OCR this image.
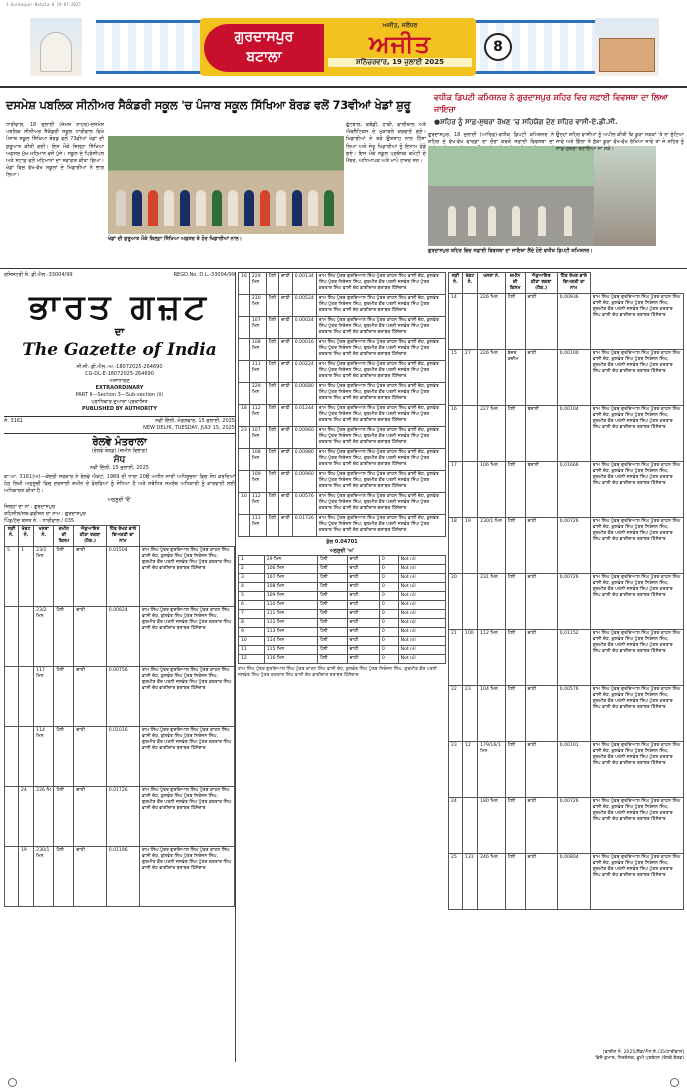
1-Gurdaspur-Batala-8 19-07-2025
ਗੁਰਦਾਸਪੁਰ
ਬਟਾਲਾ
ਅਜੀਤ, ਜਲੰਧਰ
ਅਜੀਤ
ਸ਼ਨਿੱਚਰਵਾਰ, 19 ਜੁਲਾਈ 2025
8
ਦਸਮੇਸ਼ ਪਬਲਿਕ ਸੀਨੀਅਰ ਸੈਕੰਡਰੀ ਸਕੂਲ 'ਚ ਪੰਜਾਬ ਸਕੂਲ ਸਿੱਖਿਆ ਬੋਰਡ ਵਲੋਂ 73ਵੀਆਂ ਖੇਡਾਂ ਸ਼ੁਰੂ
ਵਧੀਕ ਡਿਪਟੀ ਕਮਿਸ਼ਨਰ ਨੇ ਗੁਰਦਾਸਪੁਰ ਸ਼ਹਿਰ ਵਿਚ ਸਫ਼ਾਈ ਵਿਵਸਥਾ ਦਾ ਲਿਆ ਜਾਇਜ਼ਾ
●ਸ਼ਹਿਰ ਨੂੰ ਸਾਫ਼-ਸੁਥਰਾ ਰੱਖਣ 'ਚ ਸਹਿਯੋਗ ਦੇਣ ਸ਼ਹਿਰ ਵਾਸੀ-ਏ.ਡੀ.ਸੀ.
ਧਾਰੀਵਾਲ, 18 ਜੁਲਾਈ (ਜੇਮਸ ਨਾਹਰ)-ਦਸਮੇਸ਼ ਪਬਲਿਕ ਸੀਨੀਅਰ ਸੈਕੰਡਰੀ ਸਕੂਲ ਧਾਰੀਵਾਲ ਵਿਖੇ ਪੰਜਾਬ ਸਕੂਲ ਸਿੱਖਿਆ ਬੋਰਡ ਵਲੋਂ 73ਵੀਆਂ ਖੇਡਾਂ ਦੀ ਸ਼ੁਰੂਆਤ ਕੀਤੀ ਗਈ। ਇਸ ਮੌਕੇ ਜ਼ਿਲ੍ਹਾ ਸਿੱਖਿਆ ਅਫ਼ਸਰ ਮੁੱਖ ਮਹਿਮਾਨ ਵਜੋਂ ਪੁੱਜੇ। ਸਕੂਲ ਦੇ ਪ੍ਰਿੰਸੀਪਲ ਅਤੇ ਸਟਾਫ਼ ਵਲੋਂ ਮਹਿਮਾਨਾਂ ਦਾ ਸਵਾਗਤ ਕੀਤਾ ਗਿਆ। ਖੇਡਾਂ ਵਿਚ ਵੱਖ-ਵੱਖ ਸਕੂਲਾਂ ਦੇ ਖਿਡਾਰੀਆਂ ਨੇ ਭਾਗ ਲਿਆ।
ਫੁੱਟਬਾਲ, ਕਬੱਡੀ, ਹਾਕੀ, ਵਾਲੀਬਾਲ ਅਤੇ ਐਥਲੈਟਿਕਸ ਦੇ ਮੁਕਾਬਲੇ ਕਰਵਾਏ ਗਏ। ਖਿਡਾਰੀਆਂ ਨੇ ਬੜੇ ਉਤਸ਼ਾਹ ਨਾਲ ਹਿੱਸਾ ਲਿਆ ਅਤੇ ਜੇਤੂ ਖਿਡਾਰੀਆਂ ਨੂੰ ਇਨਾਮ ਵੰਡੇ ਗਏ। ਇਸ ਮੌਕੇ ਸਕੂਲ ਪ੍ਰਬੰਧਕ ਕਮੇਟੀ ਦੇ ਮੈਂਬਰ, ਅਧਿਆਪਕ ਅਤੇ ਮਾਪੇ ਹਾਜ਼ਰ ਸਨ।
ਖੇਡਾਂ ਦੀ ਸ਼ੁਰੂਆਤ ਮੌਕੇ ਜ਼ਿਲ੍ਹਾ ਸਿੱਖਿਆ ਅਫ਼ਸਰ ਤੇ ਹੋਰ ਖਿਡਾਰੀਆਂ ਨਾਲ।
ਗੁਰਦਾਸਪੁਰ, 18 ਜੁਲਾਈ (ਆਰਿਫ਼)-ਵਧੀਕ ਡਿਪਟੀ ਕਮਿਸ਼ਨਰ ਨੇ ਸ਼ਹਿਰ ਦੇ ਵੱਖ-ਵੱਖ ਵਾਰਡਾਂ ਦਾ ਦੌਰਾ ਕਰਕੇ ਸਫ਼ਾਈ ਵਿਵਸਥਾ ਦਾ
ਉਨ੍ਹਾਂ ਸ਼ਹਿਰ ਵਾਸੀਆਂ ਨੂੰ ਅਪੀਲ ਕੀਤੀ ਕਿ ਕੂੜਾ ਸੜਕਾਂ 'ਤੇ ਨਾ ਸੁੱਟਿਆ ਜਾਵੇ ਅਤੇ ਗਿੱਲਾ ਤੇ ਸੁੱਕਾ ਕੂੜਾ ਵੱਖ-ਵੱਖ ਰੱਖਿਆ ਜਾਵੇ ਤਾਂ ਜੋ ਸ਼ਹਿਰ ਨੂੰ ਸਾਫ਼-ਸੁਥਰਾ ਬਣਾਇਆ ਜਾ ਸਕੇ।
ਗੁਰਦਾਸਪੁਰ ਸ਼ਹਿਰ ਵਿਚ ਸਫ਼ਾਈ ਵਿਵਸਥਾ ਦਾ ਜਾਇਜ਼ਾ ਲੈਂਦੇ ਹੋਏ ਵਧੀਕ ਡਿਪਟੀ ਕਮਿਸ਼ਨਰ।
ਰਜਿਸਟਰੀ ਸੰ. ਡੀ.ਐਲ.-33004/99	REGD.No. D.L.-33004/99
ਭਾਰਤ ਗਜ਼ਟ
ਦਾ
The Gazette of India
ਸੀ.ਜੀ.-ਡੀ.ਐਲ.-ਅ.-18072025-264690
CG-DL-E-18072025-264690
ਅਸਾਧਾਰਣ
EXTRAORDINARY
PART II—Section 3—Sub-section (ii)
ਪ੍ਰਾਧਿਕਾਰ ਦੁਆਰਾ ਪ੍ਰਕਾਸ਼ਿਤ
PUBLISHED BY AUTHORITY
ਸੰ. 3161	ਨਵੀਂ ਦਿੱਲੀ, ਮੰਗਲਵਾਰ, 15 ਜੁਲਾਈ, 2025
NEW DELHI, TUESDAY, JULY 15, 2025
ਰੇਲਵੇ ਮੰਤਰਾਲਾ
(ਰੇਲਵੇ ਬੋਰਡ) (ਜ਼ਮੀਨ ਵਿਭਾਗ)
ਸੋਧ
ਨਵੀਂ ਦਿੱਲੀ, 15 ਜੁਲਾਈ, 2025
ਕਾ.ਆ. 3161(ਅ)—ਕੇਂਦਰੀ ਸਰਕਾਰ ਨੇ ਰੇਲਵੇ ਐਕਟ, 1989 ਦੀ ਧਾਰਾ 20ੳ ਅਧੀਨ ਜਾਰੀ ਅਧਿਸੂਚਨਾ ਵਿਚ ਸੋਧ ਕਰਦਿਆਂ ਹੇਠ ਲਿਖੀ ਅਨੁਸੂਚੀ ਵਿਚ ਦਰਸਾਈ ਜ਼ਮੀਨ ਦੇ ਵੇਰਵਿਆਂ ਨੂੰ ਸੋਧਿਆ ਹੈ ਅਤੇ ਸਬੰਧਿਤ ਸਮਰੱਥ ਅਧਿਕਾਰੀ ਨੂੰ ਕਾਰਵਾਈ ਲਈ ਅਧਿਕਾਰਤ ਕੀਤਾ ਹੈ।
ਅਨੁਸੂਚੀ 'ੳ'
ਜ਼ਿਲ੍ਹਾ ਦਾ ਨਾਂ : ਗੁਰਦਾਸਪੁਰ
ਤਹਿਸੀਲ/ਸਬ-ਡਵੀਜ਼ਨ ਦਾ ਨਾਮ : ਗੁਰਦਾਸਪੁਰ
ਪਿੰਡ/ਹੱਦ ਬਸਤ ਨੰ. : ਧਾਰੀਵਾਲ / 035
ਲੜੀ ਨੰ.	ਖੇਵਟ ਨੰ.	ਖਸਰਾ ਨੰ.	ਜ਼ਮੀਨ ਦੀ ਕਿਸਮ	ਐਕੁਆਇਰ ਕੀਤਾ ਰਕਬਾ (ਹੈਕ.)	ਹਿੱਤ ਰੱਖਣ ਵਾਲੇ ਵਿਅਕਤੀ ਦਾ ਨਾਮ	
5	1	23/1 ਮਿਨ	ਪੈਲੀ	ਚਾਹੀ	0.01504	ਰਾਮ ਸਿੰਘ ਪੁੱਤਰ ਗੁਰਦਿਆਲ ਸਿੰਘ ਪੁੱਤਰ ਕਾਹਨ ਸਿੰਘ ਵਾਸੀ ਦੇਹ, ਕੁਲਵੰਤ ਸਿੰਘ ਪੁੱਤਰ ਨਿਰੰਜਨ ਸਿੰਘ, ਗੁਰਮੀਤ ਕੌਰ ਪਤਨੀ ਜਸਵੰਤ ਸਿੰਘ ਪੁੱਤਰ ਕਰਤਾਰ ਸਿੰਘ ਵਾਸੀ ਦੇਹ ਭਾਗੀਦਾਰ ਬਰਾਬਰ ਹਿੱਸੇਦਾਰ
		23/2 ਮਿਨ	ਪੈਲੀ	ਚਾਹੀ	0.00924	ਰਾਮ ਸਿੰਘ ਪੁੱਤਰ ਗੁਰਦਿਆਲ ਸਿੰਘ ਪੁੱਤਰ ਕਾਹਨ ਸਿੰਘ ਵਾਸੀ ਦੇਹ, ਕੁਲਵੰਤ ਸਿੰਘ ਪੁੱਤਰ ਨਿਰੰਜਨ ਸਿੰਘ, ਗੁਰਮੀਤ ਕੌਰ ਪਤਨੀ ਜਸਵੰਤ ਸਿੰਘ ਪੁੱਤਰ ਕਰਤਾਰ ਸਿੰਘ ਵਾਸੀ ਦੇਹ ਭਾਗੀਦਾਰ ਬਰਾਬਰ ਹਿੱਸੇਦਾਰ
		117 ਮਿਨ	ਪੈਲੀ	ਚਾਹੀ	0.00756	ਰਾਮ ਸਿੰਘ ਪੁੱਤਰ ਗੁਰਦਿਆਲ ਸਿੰਘ ਪੁੱਤਰ ਕਾਹਨ ਸਿੰਘ ਵਾਸੀ ਦੇਹ, ਕੁਲਵੰਤ ਸਿੰਘ ਪੁੱਤਰ ਨਿਰੰਜਨ ਸਿੰਘ, ਗੁਰਮੀਤ ਕੌਰ ਪਤਨੀ ਜਸਵੰਤ ਸਿੰਘ ਪੁੱਤਰ ਕਰਤਾਰ ਸਿੰਘ ਵਾਸੀ ਦੇਹ ਭਾਗੀਦਾਰ ਬਰਾਬਰ ਹਿੱਸੇਦਾਰ
		114 ਮਿਨ	ਪੈਲੀ	ਚਾਹੀ	0.01016	ਰਾਮ ਸਿੰਘ ਪੁੱਤਰ ਗੁਰਦਿਆਲ ਸਿੰਘ ਪੁੱਤਰ ਕਾਹਨ ਸਿੰਘ ਵਾਸੀ ਦੇਹ, ਕੁਲਵੰਤ ਸਿੰਘ ਪੁੱਤਰ ਨਿਰੰਜਨ ਸਿੰਘ, ਗੁਰਮੀਤ ਕੌਰ ਪਤਨੀ ਜਸਵੰਤ ਸਿੰਘ ਪੁੱਤਰ ਕਰਤਾਰ ਸਿੰਘ ਵਾਸੀ ਦੇਹ ਭਾਗੀਦਾਰ ਬਰਾਬਰ ਹਿੱਸੇਦਾਰ
	24	226 ਮਿ	ਪੈਲੀ	ਚਾਹੀ	0.01726	ਰਾਮ ਸਿੰਘ ਪੁੱਤਰ ਗੁਰਦਿਆਲ ਸਿੰਘ ਪੁੱਤਰ ਕਾਹਨ ਸਿੰਘ ਵਾਸੀ ਦੇਹ, ਕੁਲਵੰਤ ਸਿੰਘ ਪੁੱਤਰ ਨਿਰੰਜਨ ਸਿੰਘ, ਗੁਰਮੀਤ ਕੌਰ ਪਤਨੀ ਜਸਵੰਤ ਸਿੰਘ ਪੁੱਤਰ ਕਰਤਾਰ ਸਿੰਘ ਵਾਸੀ ਦੇਹ ਭਾਗੀਦਾਰ ਬਰਾਬਰ ਹਿੱਸੇਦਾਰ
	19	230/1 ਮਿਨ	ਪੈਲੀ	ਚਾਹੀ	0.01196	ਰਾਮ ਸਿੰਘ ਪੁੱਤਰ ਗੁਰਦਿਆਲ ਸਿੰਘ ਪੁੱਤਰ ਕਾਹਨ ਸਿੰਘ ਵਾਸੀ ਦੇਹ, ਕੁਲਵੰਤ ਸਿੰਘ ਪੁੱਤਰ ਨਿਰੰਜਨ ਸਿੰਘ, ਗੁਰਮੀਤ ਕੌਰ ਪਤਨੀ ਜਸਵੰਤ ਸਿੰਘ ਪੁੱਤਰ ਕਰਤਾਰ ਸਿੰਘ ਵਾਸੀ ਦੇਹ ਭਾਗੀਦਾਰ ਬਰਾਬਰ ਹਿੱਸੇਦਾਰ
16	229 ਮਿਨ	ਪੈਲੀ	ਚਾਹੀ	0.00134	ਰਾਮ ਸਿੰਘ ਪੁੱਤਰ ਗੁਰਦਿਆਲ ਸਿੰਘ ਪੁੱਤਰ ਕਾਹਨ ਸਿੰਘ ਵਾਸੀ ਦੇਹ, ਕੁਲਵੰਤ ਸਿੰਘ ਪੁੱਤਰ ਨਿਰੰਜਨ ਸਿੰਘ, ਗੁਰਮੀਤ ਕੌਰ ਪਤਨੀ ਜਸਵੰਤ ਸਿੰਘ ਪੁੱਤਰ ਕਰਤਾਰ ਸਿੰਘ ਵਾਸੀ ਦੇਹ ਭਾਗੀਦਾਰ ਬਰਾਬਰ ਹਿੱਸੇਦਾਰ
	230 ਮਿਨ	ਪੈਲੀ	ਚਾਹੀ	0.00524	ਰਾਮ ਸਿੰਘ ਪੁੱਤਰ ਗੁਰਦਿਆਲ ਸਿੰਘ ਪੁੱਤਰ ਕਾਹਨ ਸਿੰਘ ਵਾਸੀ ਦੇਹ, ਕੁਲਵੰਤ ਸਿੰਘ ਪੁੱਤਰ ਨਿਰੰਜਨ ਸਿੰਘ, ਗੁਰਮੀਤ ਕੌਰ ਪਤਨੀ ਜਸਵੰਤ ਸਿੰਘ ਪੁੱਤਰ ਕਰਤਾਰ ਸਿੰਘ ਵਾਸੀ ਦੇਹ ਭਾਗੀਦਾਰ ਬਰਾਬਰ ਹਿੱਸੇਦਾਰ
	107 ਮਿਨ	ਪੈਲੀ	ਚਾਹੀ	0.00024	ਰਾਮ ਸਿੰਘ ਪੁੱਤਰ ਗੁਰਦਿਆਲ ਸਿੰਘ ਪੁੱਤਰ ਕਾਹਨ ਸਿੰਘ ਵਾਸੀ ਦੇਹ, ਕੁਲਵੰਤ ਸਿੰਘ ਪੁੱਤਰ ਨਿਰੰਜਨ ਸਿੰਘ, ਗੁਰਮੀਤ ਕੌਰ ਪਤਨੀ ਜਸਵੰਤ ਸਿੰਘ ਪੁੱਤਰ ਕਰਤਾਰ ਸਿੰਘ ਵਾਸੀ ਦੇਹ ਭਾਗੀਦਾਰ ਬਰਾਬਰ ਹਿੱਸੇਦਾਰ
	108 ਮਿਨ	ਪੈਲੀ	ਚਾਹੀ	0.00016	ਰਾਮ ਸਿੰਘ ਪੁੱਤਰ ਗੁਰਦਿਆਲ ਸਿੰਘ ਪੁੱਤਰ ਕਾਹਨ ਸਿੰਘ ਵਾਸੀ ਦੇਹ, ਕੁਲਵੰਤ ਸਿੰਘ ਪੁੱਤਰ ਨਿਰੰਜਨ ਸਿੰਘ, ਗੁਰਮੀਤ ਕੌਰ ਪਤਨੀ ਜਸਵੰਤ ਸਿੰਘ ਪੁੱਤਰ ਕਰਤਾਰ ਸਿੰਘ ਵਾਸੀ ਦੇਹ ਭਾਗੀਦਾਰ ਬਰਾਬਰ ਹਿੱਸੇਦਾਰ
	111 ਮਿਨ	ਪੈਲੀ	ਚਾਹੀ	0.00224	ਰਾਮ ਸਿੰਘ ਪੁੱਤਰ ਗੁਰਦਿਆਲ ਸਿੰਘ ਪੁੱਤਰ ਕਾਹਨ ਸਿੰਘ ਵਾਸੀ ਦੇਹ, ਕੁਲਵੰਤ ਸਿੰਘ ਪੁੱਤਰ ਨਿਰੰਜਨ ਸਿੰਘ, ਗੁਰਮੀਤ ਕੌਰ ਪਤਨੀ ਜਸਵੰਤ ਸਿੰਘ ਪੁੱਤਰ ਕਰਤਾਰ ਸਿੰਘ ਵਾਸੀ ਦੇਹ ਭਾਗੀਦਾਰ ਬਰਾਬਰ ਹਿੱਸੇਦਾਰ
	229 ਮਿਨ	ਪੈਲੀ	ਚਾਹੀ	0.00680	ਰਾਮ ਸਿੰਘ ਪੁੱਤਰ ਗੁਰਦਿਆਲ ਸਿੰਘ ਪੁੱਤਰ ਕਾਹਨ ਸਿੰਘ ਵਾਸੀ ਦੇਹ, ਕੁਲਵੰਤ ਸਿੰਘ ਪੁੱਤਰ ਨਿਰੰਜਨ ਸਿੰਘ, ਗੁਰਮੀਤ ਕੌਰ ਪਤਨੀ ਜਸਵੰਤ ਸਿੰਘ ਪੁੱਤਰ ਕਰਤਾਰ ਸਿੰਘ ਵਾਸੀ ਦੇਹ ਭਾਗੀਦਾਰ ਬਰਾਬਰ ਹਿੱਸੇਦਾਰ
18	112 ਮਿਨ	ਪੈਲੀ	ਚਾਹੀ	0.01244	ਰਾਮ ਸਿੰਘ ਪੁੱਤਰ ਗੁਰਦਿਆਲ ਸਿੰਘ ਪੁੱਤਰ ਕਾਹਨ ਸਿੰਘ ਵਾਸੀ ਦੇਹ, ਕੁਲਵੰਤ ਸਿੰਘ ਪੁੱਤਰ ਨਿਰੰਜਨ ਸਿੰਘ, ਗੁਰਮੀਤ ਕੌਰ ਪਤਨੀ ਜਸਵੰਤ ਸਿੰਘ ਪੁੱਤਰ ਕਰਤਾਰ ਸਿੰਘ ਵਾਸੀ ਦੇਹ ਭਾਗੀਦਾਰ ਬਰਾਬਰ ਹਿੱਸੇਦਾਰ
23	107 ਮਿਨ	ਪੈਲੀ	ਚਾਹੀ	0.00960	ਰਾਮ ਸਿੰਘ ਪੁੱਤਰ ਗੁਰਦਿਆਲ ਸਿੰਘ ਪੁੱਤਰ ਕਾਹਨ ਸਿੰਘ ਵਾਸੀ ਦੇਹ, ਕੁਲਵੰਤ ਸਿੰਘ ਪੁੱਤਰ ਨਿਰੰਜਨ ਸਿੰਘ, ਗੁਰਮੀਤ ਕੌਰ ਪਤਨੀ ਜਸਵੰਤ ਸਿੰਘ ਪੁੱਤਰ ਕਰਤਾਰ ਸਿੰਘ ਵਾਸੀ ਦੇਹ ਭਾਗੀਦਾਰ ਬਰਾਬਰ ਹਿੱਸੇਦਾਰ
	108 ਮਿਨ	ਪੈਲੀ	ਚਾਹੀ	0.00980	ਰਾਮ ਸਿੰਘ ਪੁੱਤਰ ਗੁਰਦਿਆਲ ਸਿੰਘ ਪੁੱਤਰ ਕਾਹਨ ਸਿੰਘ ਵਾਸੀ ਦੇਹ, ਕੁਲਵੰਤ ਸਿੰਘ ਪੁੱਤਰ ਨਿਰੰਜਨ ਸਿੰਘ, ਗੁਰਮੀਤ ਕੌਰ ਪਤਨੀ ਜਸਵੰਤ ਸਿੰਘ ਪੁੱਤਰ ਕਰਤਾਰ ਸਿੰਘ ਵਾਸੀ ਦੇਹ ਭਾਗੀਦਾਰ ਬਰਾਬਰ ਹਿੱਸੇਦਾਰ
	109 ਮਿਨ	ਪੈਲੀ	ਚਾਹੀ	0.00960	ਰਾਮ ਸਿੰਘ ਪੁੱਤਰ ਗੁਰਦਿਆਲ ਸਿੰਘ ਪੁੱਤਰ ਕਾਹਨ ਸਿੰਘ ਵਾਸੀ ਦੇਹ, ਕੁਲਵੰਤ ਸਿੰਘ ਪੁੱਤਰ ਨਿਰੰਜਨ ਸਿੰਘ, ਗੁਰਮੀਤ ਕੌਰ ਪਤਨੀ ਜਸਵੰਤ ਸਿੰਘ ਪੁੱਤਰ ਕਰਤਾਰ ਸਿੰਘ ਵਾਸੀ ਦੇਹ ਭਾਗੀਦਾਰ ਬਰਾਬਰ ਹਿੱਸੇਦਾਰ
10	112 ਮਿਨ	ਪੈਲੀ	ਚਾਹੀ	0.00576	ਰਾਮ ਸਿੰਘ ਪੁੱਤਰ ਗੁਰਦਿਆਲ ਸਿੰਘ ਪੁੱਤਰ ਕਾਹਨ ਸਿੰਘ ਵਾਸੀ ਦੇਹ, ਕੁਲਵੰਤ ਸਿੰਘ ਪੁੱਤਰ ਨਿਰੰਜਨ ਸਿੰਘ, ਗੁਰਮੀਤ ਕੌਰ ਪਤਨੀ ਜਸਵੰਤ ਸਿੰਘ ਪੁੱਤਰ ਕਰਤਾਰ ਸਿੰਘ ਵਾਸੀ ਦੇਹ ਭਾਗੀਦਾਰ ਬਰਾਬਰ ਹਿੱਸੇਦਾਰ
	111 ਮਿਨ	ਪੈਲੀ	ਚਾਹੀ	0.01726	ਰਾਮ ਸਿੰਘ ਪੁੱਤਰ ਗੁਰਦਿਆਲ ਸਿੰਘ ਪੁੱਤਰ ਕਾਹਨ ਸਿੰਘ ਵਾਸੀ ਦੇਹ, ਕੁਲਵੰਤ ਸਿੰਘ ਪੁੱਤਰ ਨਿਰੰਜਨ ਸਿੰਘ, ਗੁਰਮੀਤ ਕੌਰ ਪਤਨੀ ਜਸਵੰਤ ਸਿੰਘ ਪੁੱਤਰ ਕਰਤਾਰ ਸਿੰਘ ਵਾਸੀ ਦੇਹ ਭਾਗੀਦਾਰ ਬਰਾਬਰ ਹਿੱਸੇਦਾਰ
ਕੁੱਲ 0.04701
ਅਨੁਸੂਚੀ 'ਅ'
1	29 ਮਿਨ	ਪੈਲੀ	ਚਾਹੀ	0	Not nil
2	106 ਮਿਨ	ਪੈਲੀ	ਚਾਹੀ	0	Not nil
3	107 ਮਿਨ	ਪੈਲੀ	ਚਾਹੀ	0	Not nil
4	108 ਮਿਨ	ਪੈਲੀ	ਚਾਹੀ	0	Not nil
5	109 ਮਿਨ	ਪੈਲੀ	ਚਾਹੀ	0	Not nil
6	110 ਮਿਨ	ਪੈਲੀ	ਚਾਹੀ	0	Not nil
7	111 ਮਿਨ	ਪੈਲੀ	ਚਾਹੀ	0	Not nil
8	112 ਮਿਨ	ਪੈਲੀ	ਚਾਹੀ	0	Not nil
9	113 ਮਿਨ	ਪੈਲੀ	ਚਾਹੀ	0	Not nil
10	114 ਮਿਨ	ਪੈਲੀ	ਚਾਹੀ	0	Not nil
11	115 ਮਿਨ	ਪੈਲੀ	ਚਾਹੀ	0	Not nil
12	116 ਮਿਨ	ਪੈਲੀ	ਚਾਹੀ	0	Not nil
ਰਾਮ ਸਿੰਘ ਪੁੱਤਰ ਗੁਰਦਿਆਲ ਸਿੰਘ ਪੁੱਤਰ ਕਾਹਨ ਸਿੰਘ ਵਾਸੀ ਦੇਹ, ਕੁਲਵੰਤ ਸਿੰਘ ਪੁੱਤਰ ਨਿਰੰਜਨ ਸਿੰਘ, ਗੁਰਮੀਤ ਕੌਰ ਪਤਨੀ ਜਸਵੰਤ ਸਿੰਘ ਪੁੱਤਰ ਕਰਤਾਰ ਸਿੰਘ ਵਾਸੀ ਦੇਹ ਭਾਗੀਦਾਰ ਬਰਾਬਰ ਹਿੱਸੇਦਾਰ
ਲੜੀ ਨੰ.	ਖੇਵਟ ਨੰ.	ਖਸਰਾ ਨੰ.	ਜ਼ਮੀਨ ਦੀ ਕਿਸਮ	ਐਕੁਆਇਰ ਕੀਤਾ ਰਕਬਾ (ਹੈਕ.)	ਹਿੱਤ ਰੱਖਣ ਵਾਲੇ ਵਿਅਕਤੀ ਦਾ ਨਾਮ	
14		226 ਮਿਨ	ਪੈਲੀ	ਚਾਹੀ	0.00936	ਰਾਮ ਸਿੰਘ ਪੁੱਤਰ ਗੁਰਦਿਆਲ ਸਿੰਘ ਪੁੱਤਰ ਕਾਹਨ ਸਿੰਘ ਵਾਸੀ ਦੇਹ, ਕੁਲਵੰਤ ਸਿੰਘ ਪੁੱਤਰ ਨਿਰੰਜਨ ਸਿੰਘ, ਗੁਰਮੀਤ ਕੌਰ ਪਤਨੀ ਜਸਵੰਤ ਸਿੰਘ ਪੁੱਤਰ ਕਰਤਾਰ ਸਿੰਘ ਵਾਸੀ ਦੇਹ ਭਾਗੀਦਾਰ ਬਰਾਬਰ ਹਿੱਸੇਦਾਰ
15	27	226 ਮਿਨ	ਬੰਜਰ ਕਦੀਮ	ਚਾਹੀ	0.00100	ਰਾਮ ਸਿੰਘ ਪੁੱਤਰ ਗੁਰਦਿਆਲ ਸਿੰਘ ਪੁੱਤਰ ਕਾਹਨ ਸਿੰਘ ਵਾਸੀ ਦੇਹ, ਕੁਲਵੰਤ ਸਿੰਘ ਪੁੱਤਰ ਨਿਰੰਜਨ ਸਿੰਘ, ਗੁਰਮੀਤ ਕੌਰ ਪਤਨੀ ਜਸਵੰਤ ਸਿੰਘ ਪੁੱਤਰ ਕਰਤਾਰ ਸਿੰਘ ਵਾਸੀ ਦੇਹ ਭਾਗੀਦਾਰ ਬਰਾਬਰ ਹਿੱਸੇਦਾਰ
16		227 ਮਿਨ	ਪੈਲੀ	ਬਰਾਨੀ	0.00104	ਰਾਮ ਸਿੰਘ ਪੁੱਤਰ ਗੁਰਦਿਆਲ ਸਿੰਘ ਪੁੱਤਰ ਕਾਹਨ ਸਿੰਘ ਵਾਸੀ ਦੇਹ, ਕੁਲਵੰਤ ਸਿੰਘ ਪੁੱਤਰ ਨਿਰੰਜਨ ਸਿੰਘ, ਗੁਰਮੀਤ ਕੌਰ ਪਤਨੀ ਜਸਵੰਤ ਸਿੰਘ ਪੁੱਤਰ ਕਰਤਾਰ ਸਿੰਘ ਵਾਸੀ ਦੇਹ ਭਾਗੀਦਾਰ ਬਰਾਬਰ ਹਿੱਸੇਦਾਰ
17		106 ਮਿਨ	ਪੈਲੀ	ਬਰਾਨੀ	0.01666	ਰਾਮ ਸਿੰਘ ਪੁੱਤਰ ਗੁਰਦਿਆਲ ਸਿੰਘ ਪੁੱਤਰ ਕਾਹਨ ਸਿੰਘ ਵਾਸੀ ਦੇਹ, ਕੁਲਵੰਤ ਸਿੰਘ ਪੁੱਤਰ ਨਿਰੰਜਨ ਸਿੰਘ, ਗੁਰਮੀਤ ਕੌਰ ਪਤਨੀ ਜਸਵੰਤ ਸਿੰਘ ਪੁੱਤਰ ਕਰਤਾਰ ਸਿੰਘ ਵਾਸੀ ਦੇਹ ਭਾਗੀਦਾਰ ਬਰਾਬਰ ਹਿੱਸੇਦਾਰ
18	19	230/1 ਮਿਨ	ਪੈਲੀ	ਚਾਹੀ	0.00726	ਰਾਮ ਸਿੰਘ ਪੁੱਤਰ ਗੁਰਦਿਆਲ ਸਿੰਘ ਪੁੱਤਰ ਕਾਹਨ ਸਿੰਘ ਵਾਸੀ ਦੇਹ, ਕੁਲਵੰਤ ਸਿੰਘ ਪੁੱਤਰ ਨਿਰੰਜਨ ਸਿੰਘ, ਗੁਰਮੀਤ ਕੌਰ ਪਤਨੀ ਜਸਵੰਤ ਸਿੰਘ ਪੁੱਤਰ ਕਰਤਾਰ ਸਿੰਘ ਵਾਸੀ ਦੇਹ ਭਾਗੀਦਾਰ ਬਰਾਬਰ ਹਿੱਸੇਦਾਰ
20		231 ਮਿਨ	ਪੈਲੀ	ਚਾਹੀ	0.00726	ਰਾਮ ਸਿੰਘ ਪੁੱਤਰ ਗੁਰਦਿਆਲ ਸਿੰਘ ਪੁੱਤਰ ਕਾਹਨ ਸਿੰਘ ਵਾਸੀ ਦੇਹ, ਕੁਲਵੰਤ ਸਿੰਘ ਪੁੱਤਰ ਨਿਰੰਜਨ ਸਿੰਘ, ਗੁਰਮੀਤ ਕੌਰ ਪਤਨੀ ਜਸਵੰਤ ਸਿੰਘ ਪੁੱਤਰ ਕਰਤਾਰ ਸਿੰਘ ਵਾਸੀ ਦੇਹ ਭਾਗੀਦਾਰ ਬਰਾਬਰ ਹਿੱਸੇਦਾਰ
21	100	112 ਮਿਨ	ਪੈਲੀ	ਚਾਹੀ	0.01152	ਰਾਮ ਸਿੰਘ ਪੁੱਤਰ ਗੁਰਦਿਆਲ ਸਿੰਘ ਪੁੱਤਰ ਕਾਹਨ ਸਿੰਘ ਵਾਸੀ ਦੇਹ, ਕੁਲਵੰਤ ਸਿੰਘ ਪੁੱਤਰ ਨਿਰੰਜਨ ਸਿੰਘ, ਗੁਰਮੀਤ ਕੌਰ ਪਤਨੀ ਜਸਵੰਤ ਸਿੰਘ ਪੁੱਤਰ ਕਰਤਾਰ ਸਿੰਘ ਵਾਸੀ ਦੇਹ ਭਾਗੀਦਾਰ ਬਰਾਬਰ ਹਿੱਸੇਦਾਰ
22	23	104 ਮਿਨ	ਪੈਲੀ	ਚਾਹੀ	0.00576	ਰਾਮ ਸਿੰਘ ਪੁੱਤਰ ਗੁਰਦਿਆਲ ਸਿੰਘ ਪੁੱਤਰ ਕਾਹਨ ਸਿੰਘ ਵਾਸੀ ਦੇਹ, ਕੁਲਵੰਤ ਸਿੰਘ ਪੁੱਤਰ ਨਿਰੰਜਨ ਸਿੰਘ, ਗੁਰਮੀਤ ਕੌਰ ਪਤਨੀ ਜਸਵੰਤ ਸਿੰਘ ਪੁੱਤਰ ਕਰਤਾਰ ਸਿੰਘ ਵਾਸੀ ਦੇਹ ਭਾਗੀਦਾਰ ਬਰਾਬਰ ਹਿੱਸੇਦਾਰ
23	12	179/16/1 ਮਿਨ	ਪੈਲੀ	ਚਾਹੀ	0.00101	ਰਾਮ ਸਿੰਘ ਪੁੱਤਰ ਗੁਰਦਿਆਲ ਸਿੰਘ ਪੁੱਤਰ ਕਾਹਨ ਸਿੰਘ ਵਾਸੀ ਦੇਹ, ਕੁਲਵੰਤ ਸਿੰਘ ਪੁੱਤਰ ਨਿਰੰਜਨ ਸਿੰਘ, ਗੁਰਮੀਤ ਕੌਰ ਪਤਨੀ ਜਸਵੰਤ ਸਿੰਘ ਪੁੱਤਰ ਕਰਤਾਰ ਸਿੰਘ ਵਾਸੀ ਦੇਹ ਭਾਗੀਦਾਰ ਬਰਾਬਰ ਹਿੱਸੇਦਾਰ
24		180 ਮਿਨ	ਪੈਲੀ	ਚਾਹੀ	0.00726	ਰਾਮ ਸਿੰਘ ਪੁੱਤਰ ਗੁਰਦਿਆਲ ਸਿੰਘ ਪੁੱਤਰ ਕਾਹਨ ਸਿੰਘ ਵਾਸੀ ਦੇਹ, ਕੁਲਵੰਤ ਸਿੰਘ ਪੁੱਤਰ ਨਿਰੰਜਨ ਸਿੰਘ, ਗੁਰਮੀਤ ਕੌਰ ਪਤਨੀ ਜਸਵੰਤ ਸਿੰਘ ਪੁੱਤਰ ਕਰਤਾਰ ਸਿੰਘ ਵਾਸੀ ਦੇਹ ਭਾਗੀਦਾਰ ਬਰਾਬਰ ਹਿੱਸੇਦਾਰ
25	131	246 ਮਿਨ	ਪੈਲੀ	ਚਾਹੀ	0.00804	ਰਾਮ ਸਿੰਘ ਪੁੱਤਰ ਗੁਰਦਿਆਲ ਸਿੰਘ ਪੁੱਤਰ ਕਾਹਨ ਸਿੰਘ ਵਾਸੀ ਦੇਹ, ਕੁਲਵੰਤ ਸਿੰਘ ਪੁੱਤਰ ਨਿਰੰਜਨ ਸਿੰਘ, ਗੁਰਮੀਤ ਕੌਰ ਪਤਨੀ ਜਸਵੰਤ ਸਿੰਘ ਪੁੱਤਰ ਕਰਤਾਰ ਸਿੰਘ ਵਾਸੀ ਦੇਹ ਭਾਗੀਦਾਰ ਬਰਾਬਰ ਹਿੱਸੇਦਾਰ
[ਫਾਈਲ ਨੰ. 2025/ਲੈਂਡ/ਐਲ.ਏ./35/ਧਾਰੀਵਾਲ]
ਵਿਜੈ ਕੁਮਾਰ, ਨਿਰਦੇਸ਼ਕ, ਭੂਮੀ ਪ੍ਰਬੰਧਨ (ਰੇਲਵੇ ਬੋਰਡ)
